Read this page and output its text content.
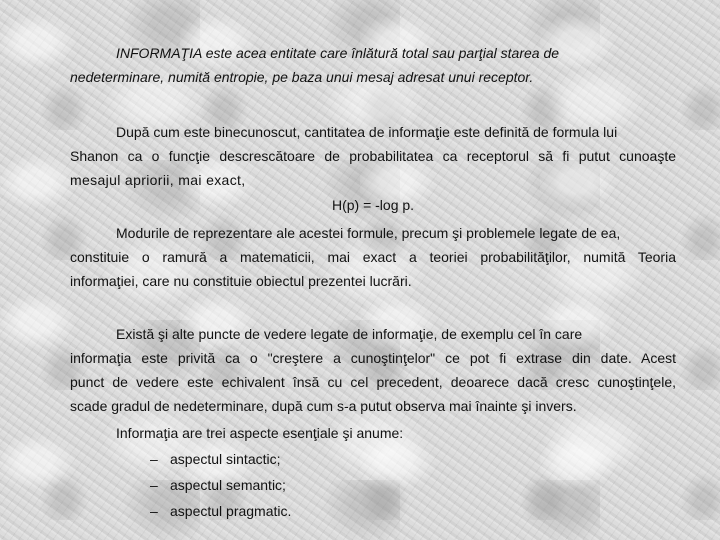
INFORMAŢIA este acea entitate care înlătură total sau parţial starea de
nedeterminare, numită entropie, pe baza unui mesaj adresat unui receptor.
După cum este binecunoscut, cantitatea de informaţie este definită de formula lui
Shanon ca o funcţie descrescătoare de probabilitatea ca receptorul să fi putut cunoaşte
mesajul apriorii, mai exact,
H(p) = -log p.
Modurile de reprezentare ale acestei formule, precum şi problemele legate de ea,
constituie o ramură a matematicii, mai exact a teoriei probabilităţilor, numită Teoria
informaţiei, care nu constituie obiectul prezentei lucrări.
Există şi alte puncte de vedere legate de informaţie, de exemplu cel în care
informaţia este privită ca o "creştere a cunoştinţelor" ce pot fi extrase din date. Acest
punct de vedere este echivalent însă cu cel precedent, deoarece dacă cresc cunoştinţele,
scade gradul de nedeterminare, după cum s-a putut observa mai înainte şi invers.
Informaţia are trei aspecte esenţiale şi anume:
– aspectul sintactic;
– aspectul semantic;
– aspectul pragmatic.
